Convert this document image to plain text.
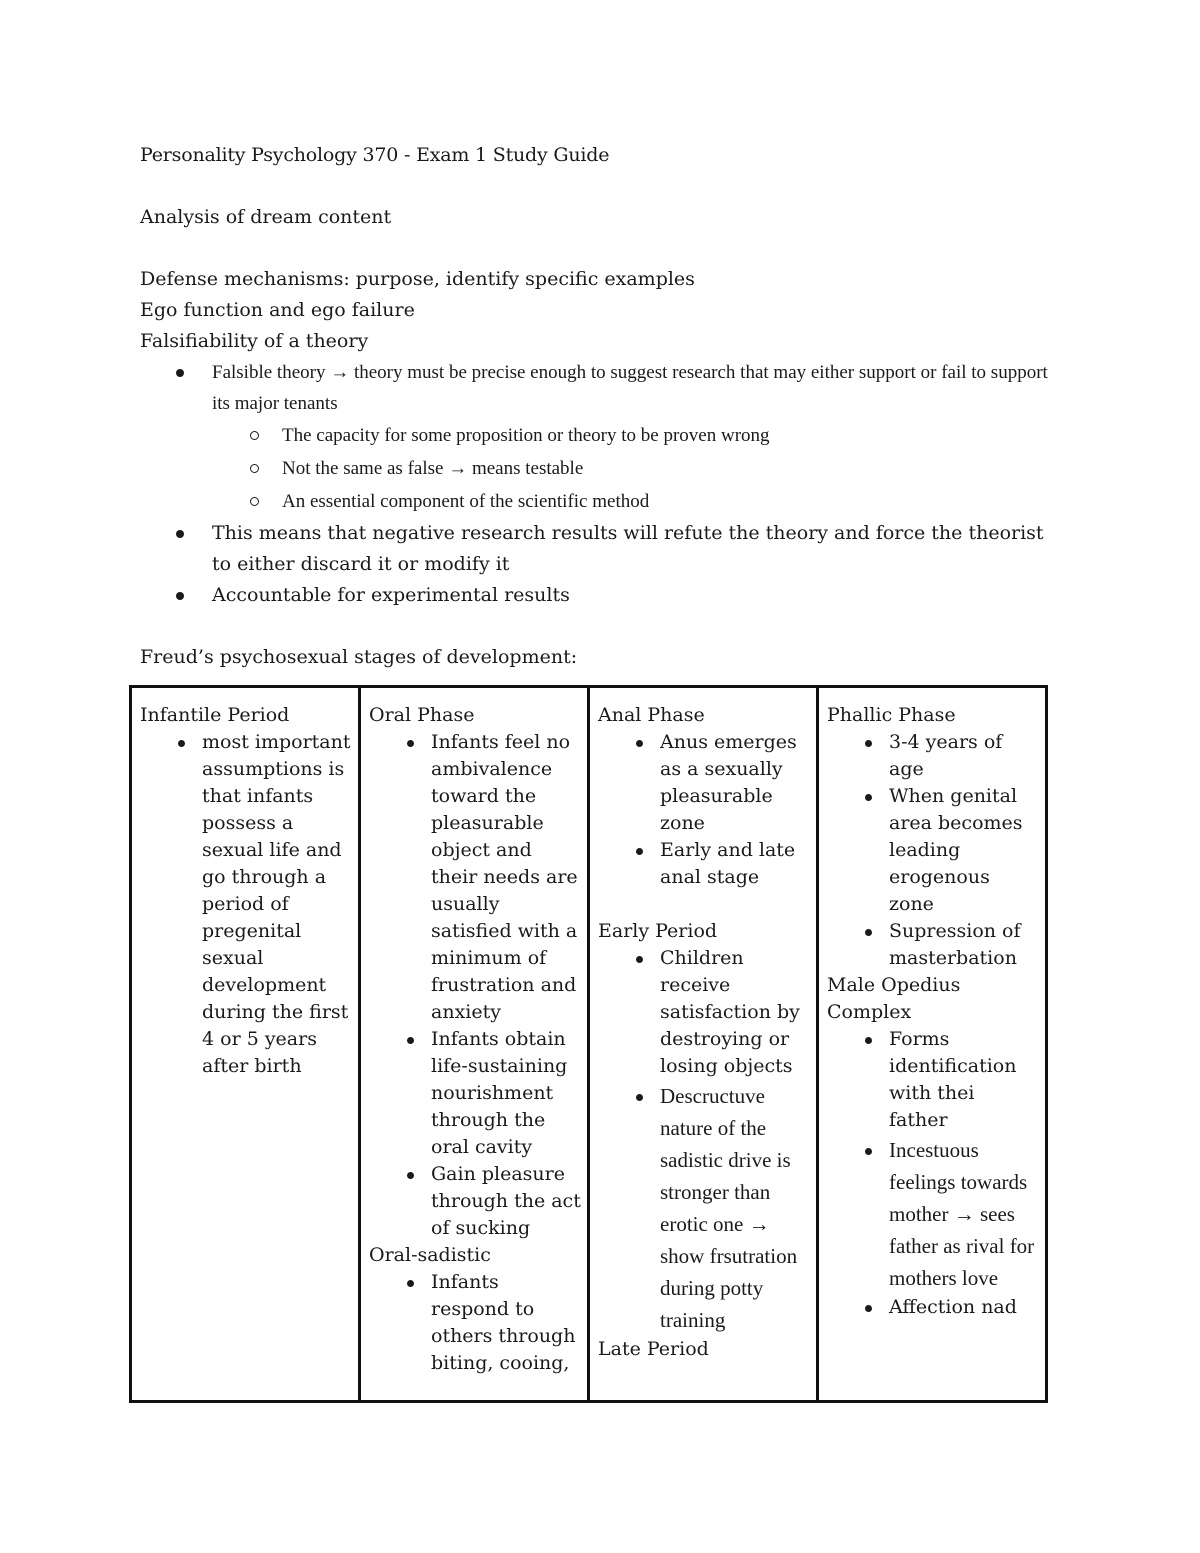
Personality Psychology 370 - Exam 1 Study Guide
Analysis of dream content
Defense mechanisms: purpose, identify specific examples
Ego function and ego failure
Falsifiability of a theory
Falsible theory → theory must be precise enough to suggest research that may either support or fail to support its major tenants
The capacity for some proposition or theory to be proven wrong
Not the same as false → means testable
An essential component of the scientific method
This means that negative research results will refute the theory and force the theorist to either discard it or modify it
Accountable for experimental results
Freud’s psychosexual stages of development:
Infantile Period
most important assumptions is that infants possess a sexual life and go through a period of pregenital sexual development during the first 4 or 5 years after birth

Oral Phase
Infants feel no ambivalence toward the pleasurable object and their needs are usually satisfied with a minimum of frustration and anxiety
Infants obtain life-sustaining nourishment through the oral cavity
Gain pleasure through the act of sucking
Oral-sadistic
Infants respond to others through biting, cooing,

Anal Phase
Anus emerges as a sexually pleasurable zone
Early and late anal stage
Early Period
Children receive satisfaction by destroying or losing objects
Descructuve nature of the sadistic drive is stronger than erotic one → show frsutration during potty training
Late Period

Phallic Phase
3-4 years of age
When genital area becomes leading erogenous zone
Supression of masterbation
Male Opedius Complex
Forms identification with thei father
Incestuous feelings towards mother → sees father as rival for mothers love
Affection nad
